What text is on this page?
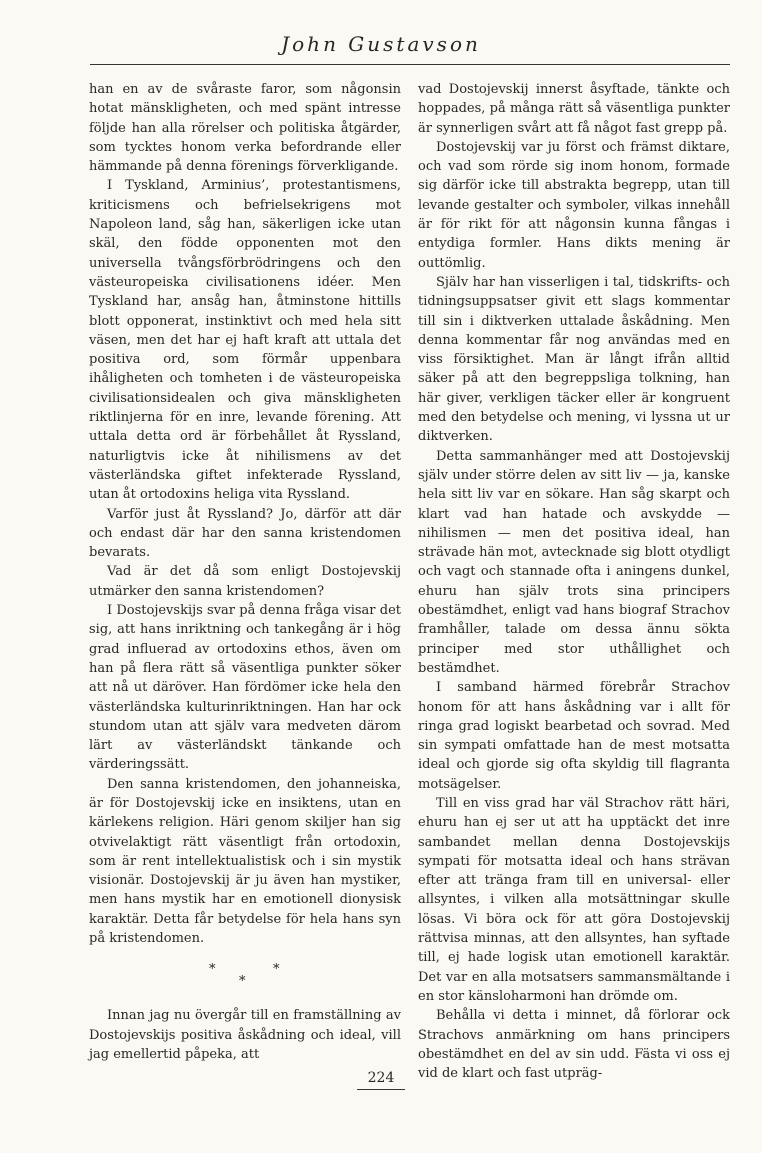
John Gustavson

han en av de svåraste faror, som någonsin hotat mänskligheten, och med spänt intresse följde han alla rörelser och politiska åtgärder, som tycktes honom verka befordrande eller hämmande på denna förenings förverkligande.

I Tyskland, Arminius’, protestantismens, kriticismens och befrielsekrigens mot Napoleon land, såg han, säkerligen icke utan skäl, den födde opponenten mot den universella tvångsförbrödringens och den västeuropeiska civilisationens idéer. Men Tyskland har, ansåg han, åtminstone hittills blott opponerat, instinktivt och med hela sitt väsen, men det har ej haft kraft att uttala det positiva ord, som förmår uppenbara ihåligheten och tomheten i de västeuropeiska civilisationsidealen och giva mänskligheten riktlinjerna för en inre, levande förening. Att uttala detta ord är förbehållet åt Ryssland, naturligtvis icke åt nihilismens av det västerländska giftet infekterade Ryssland, utan åt ortodoxins heliga vita Ryssland.

Varför just åt Ryssland? Jo, därför att där och endast där har den sanna kristendomen bevarats.

Vad är det då som enligt Dostojevskij utmärker den sanna kristendomen?

I Dostojevskijs svar på denna fråga visar det sig, att hans inriktning och tankegång är i hög grad influerad av ortodoxins ethos, även om han på flera rätt så väsentliga punkter söker att nå ut däröver. Han fördömer icke hela den västerländska kulturinriktningen. Han har ock stundom utan att själv vara medveten därom lärt av västerländskt tänkande och värderingssätt.

Den sanna kristendomen, den johanneiska, är för Dostojevskij icke en insiktens, utan en kärlekens religion. Häri genom skiljer han sig otvivelaktigt rätt väsentligt från ortodoxin, som är rent intellektualistisk och i sin mystik visionär. Dostojevskij är ju även han mystiker, men hans mystik har en emotionell dionysisk karaktär. Detta får betydelse för hela hans syn på kristendomen.

*
*
*

Innan jag nu övergår till en framställning av Dostojevskijs positiva åskådning och ideal, vill jag emellertid påpeka, att

vad Dostojevskij innerst åsyftade, tänkte och hoppades, på många rätt så väsentliga punkter är synnerligen svårt att få något fast grepp på.

Dostojevskij var ju först och främst diktare, och vad som rörde sig inom honom, formade sig därför icke till abstrakta begrepp, utan till levande gestalter och symboler, vilkas innehåll är för rikt för att någonsin kunna fångas i entydiga formler. Hans dikts mening är outtömlig.

Själv har han visserligen i tal, tidskrifts- och tidningsuppsatser givit ett slags kommentar till sin i diktverken uttalade åskådning. Men denna kommentar får nog användas med en viss försiktighet. Man är långt ifrån alltid säker på att den begreppsliga tolkning, han här giver, verkligen täcker eller är kongruent med den betydelse och mening, vi lyssna ut ur diktverken.

Detta sammanhänger med att Dostojevskij själv under större delen av sitt liv — ja, kanske hela sitt liv var en sökare. Han såg skarpt och klart vad han hatade och avskydde — nihilismen — men det positiva ideal, han strävade hän mot, avtecknade sig blott otydligt och vagt och stannade ofta i aningens dunkel, ehuru han själv trots sina principers obestämdhet, enligt vad hans biograf Strachov framhåller, talade om dessa ännu sökta principer med stor uthållighet och bestämdhet.

I samband härmed förebrår Strachov honom för att hans åskådning var i allt för ringa grad logiskt bearbetad och sovrad. Med sin sympati omfattade han de mest motsatta ideal och gjorde sig ofta skyldig till flagranta motsägelser.

Till en viss grad har väl Strachov rätt häri, ehuru han ej ser ut att ha upptäckt det inre sambandet mellan denna Dostojevskijs sympati för motsatta ideal och hans strävan efter att tränga fram till en universal- eller allsyntes, i vilken alla motsättningar skulle lösas. Vi böra ock för att göra Dostojevskij rättvisa minnas, att den allsyntes, han syftade till, ej hade logisk utan emotionell karaktär. Det var en alla motsatsers sammansmältande i en stor känsloharmoni han drömde om.

Behålla vi detta i minnet, då förlorar ock Strachovs anmärkning om hans principers obestämdhet en del av sin udd. Fästa vi oss ej vid de klart och fast utpräg-

224
